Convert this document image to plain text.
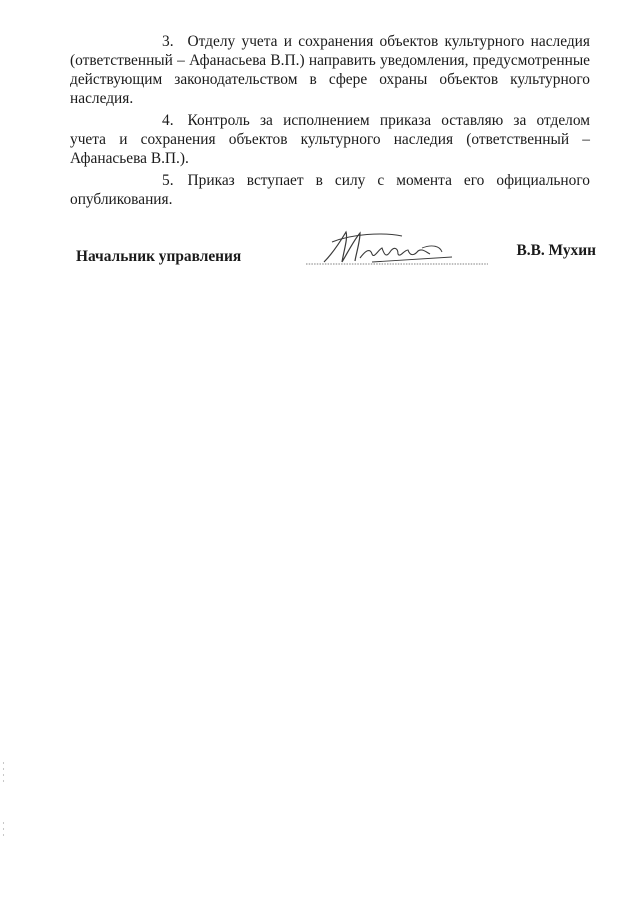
3. Отделу учета и сохранения объектов культурного наследия (ответственный – Афанасьева В.П.) направить уведомления, предусмотренные действующим законодательством в сфере охраны объектов культурного наследия.

4. Контроль за исполнением приказа оставляю за отделом учета и сохранения объектов культурного наследия (ответственный – Афанасьева В.П.).

5. Приказ вступает в силу с момента его официального опубликования.

Начальник управления	В.В. Мухин
